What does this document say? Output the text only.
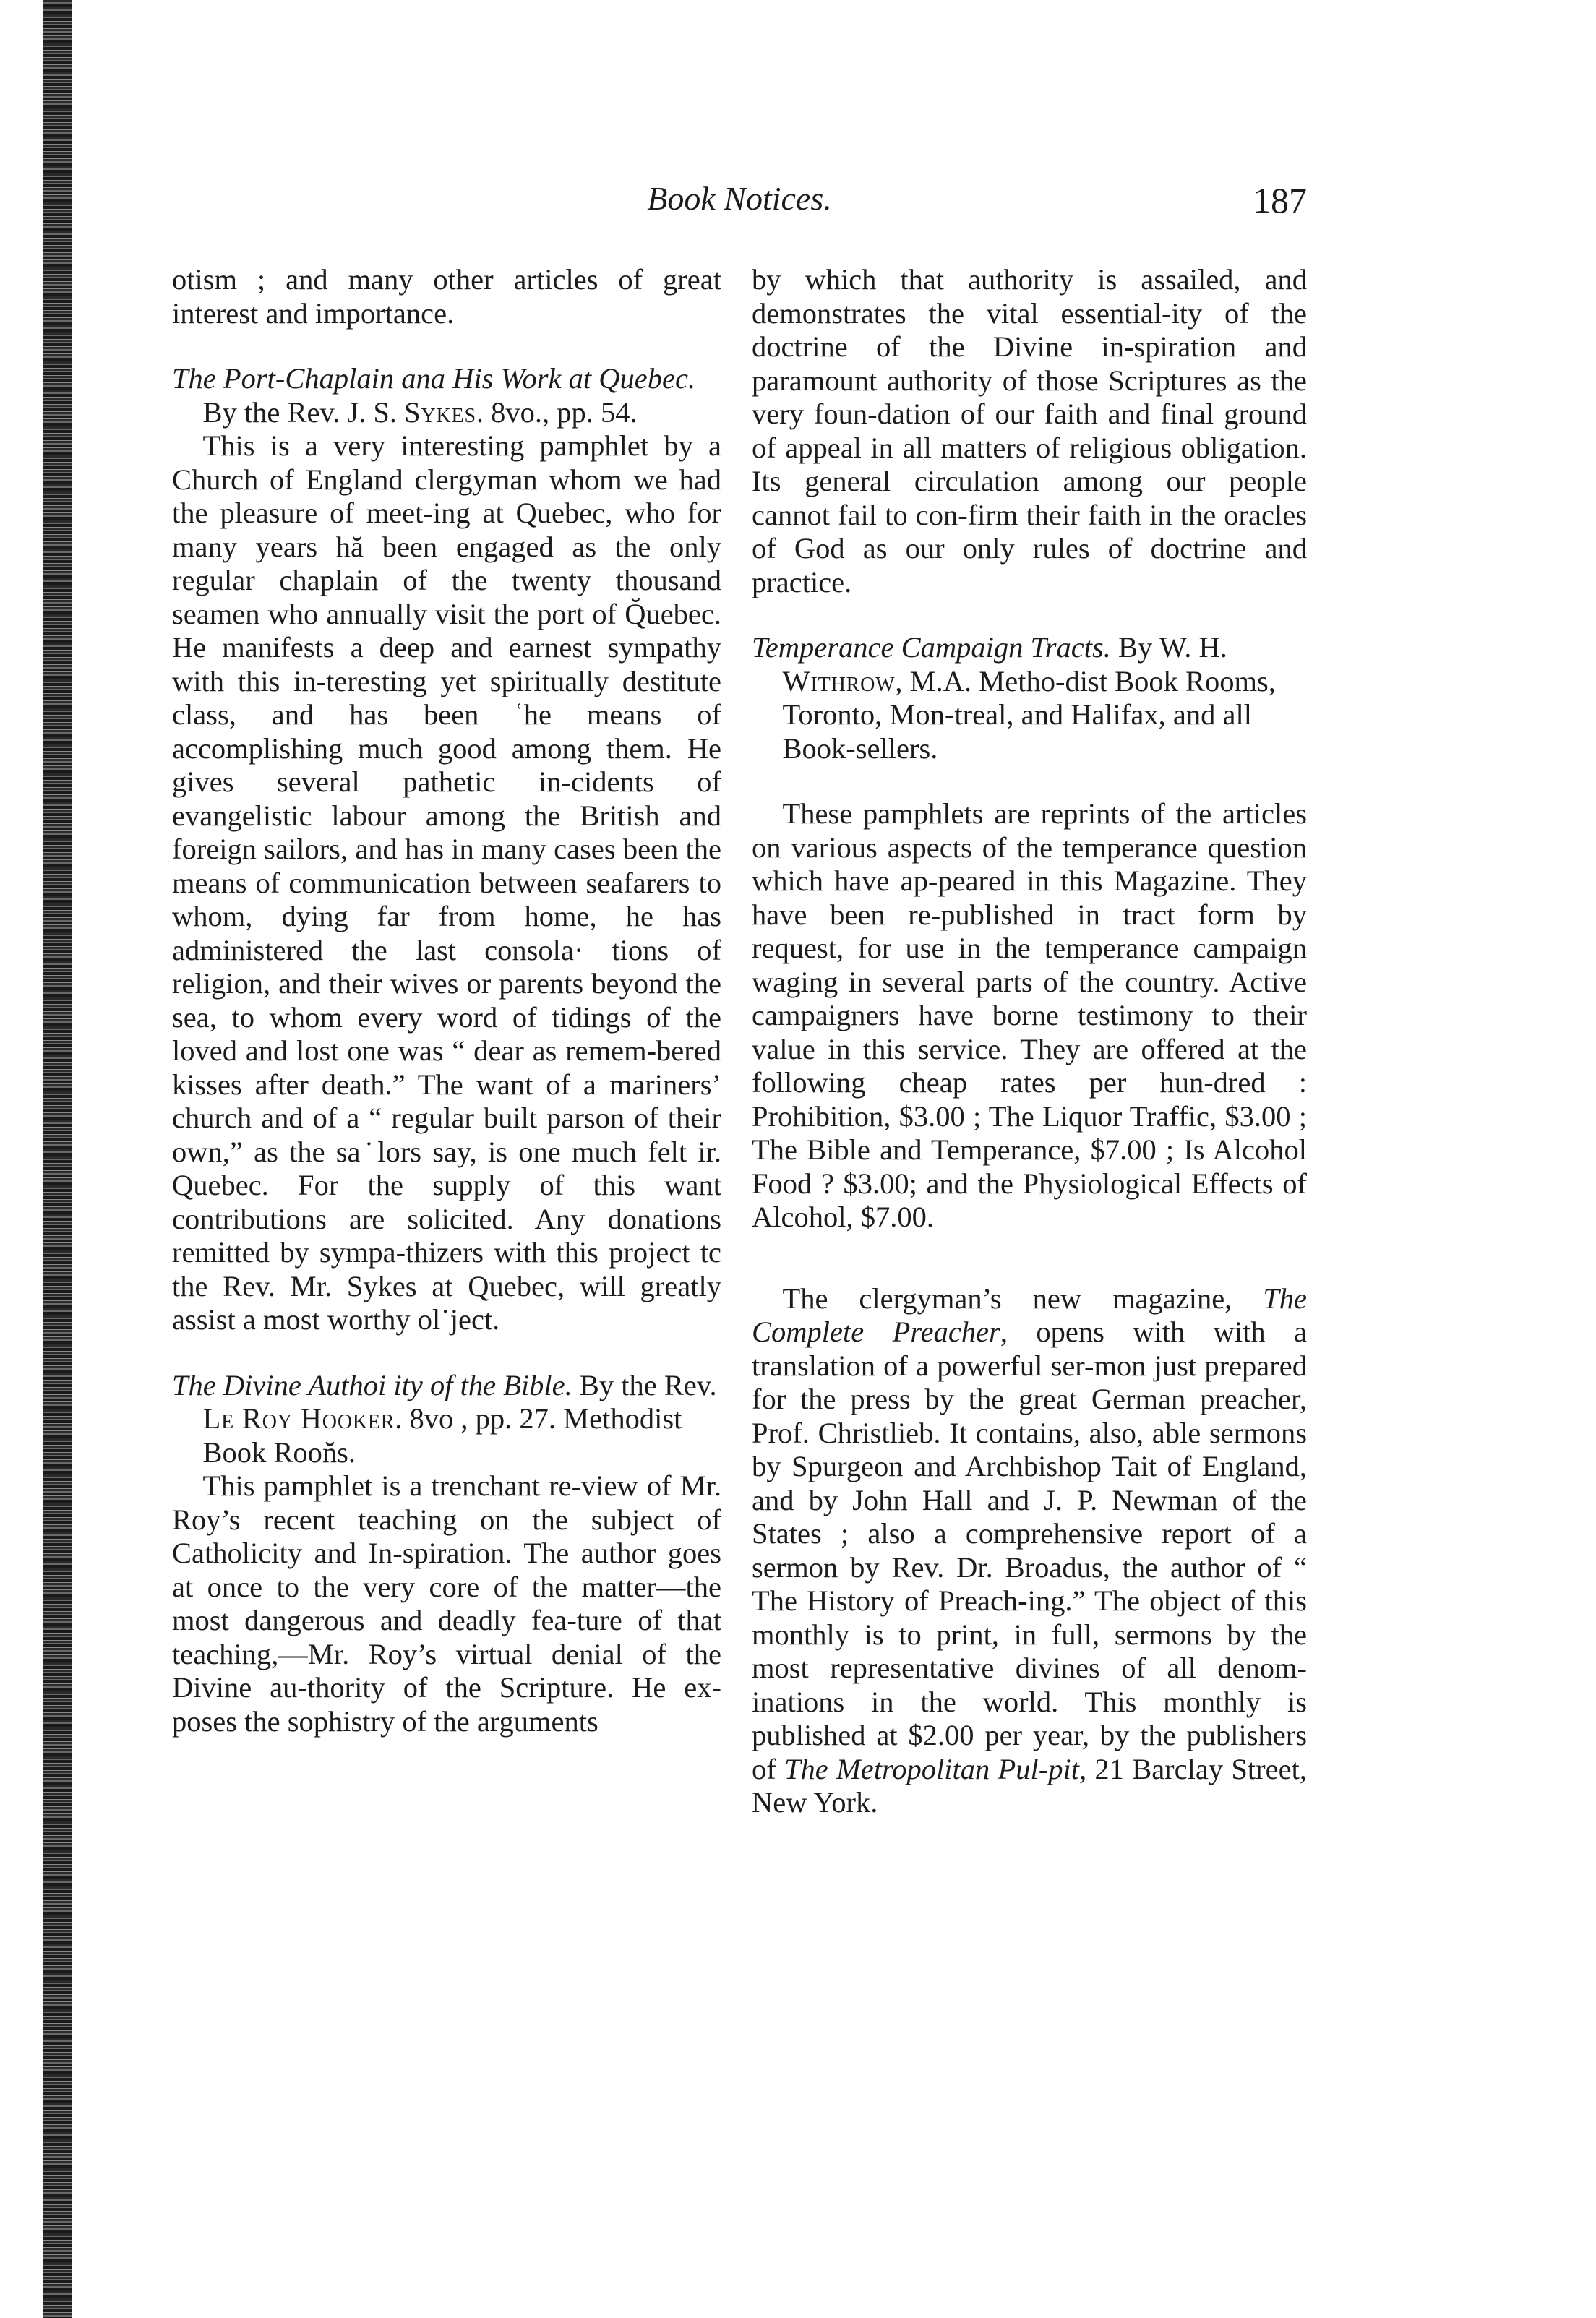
Book Notices.	187

otism ; and many other articles of great interest and importance.

The Port-Chaplain ana His Work at Quebec. By the Rev. J. S. Sykes. 8vo., pp. 54.

This is a very interesting pamphlet by a Church of England clergyman whom we had the pleasure of meet-ing at Quebec, who for many years hă been engaged as the only regular chaplain of the twenty thousand seamen who annually visit the port of Q̆uebec. He manifests a deep and earnest sympathy with this in-teresting yet spiritually destitute class, and has been ʿhe means of accomplishing much good among them. He gives several pathetic in-cidents of evangelistic labour among the British and foreign sailors, and has in many cases been the means of communication between seafarers to whom, dying far from home, he has administered the last consola· tions of religion, and their wives or parents beyond the sea, to whom every word of tidings of the loved and lost one was “ dear as remem-bered kisses after death.” The want of a mariners’ church and of a “ regular built parson of their own,” as the sa˙lors say, is one much felt ir. Quebec. For the supply of this want contributions are solicited. Any donations remitted by sympa-thizers with this project tc the Rev. Mr. Sykes at Quebec, will greatly assist a most worthy ol˙ject.

The Divine Authoi ity of the Bible. By the Rev. Le Roy Hooker. 8vo , pp. 27. Methodist Book Roon̆s.

This pamphlet is a trenchant re-view of Mr. Roy’s recent teaching on the subject of Catholicity and In-spiration. The author goes at once to the very core of the matter—the most dangerous and deadly fea-ture of that teaching,—Mr. Roy’s virtual denial of the Divine au-thority of the Scripture. He ex-poses the sophistry of the arguments

by which that authority is assailed, and demonstrates the vital essential-ity of the doctrine of the Divine in-spiration and paramount authority of those Scriptures as the very foun-dation of our faith and final ground of appeal in all matters of religious obligation. Its general circulation among our people cannot fail to con-firm their faith in the oracles of God as our only rules of doctrine and practice.

Temperance Campaign Tracts. By W. H. Withrow, M.A. Metho-dist Book Rooms, Toronto, Mon-treal, and Halifax, and all Book-sellers.

These pamphlets are reprints of the articles on various aspects of the temperance question which have ap-peared in this Magazine. They have been re-published in tract form by request, for use in the temperance campaign waging in several parts of the country. Active campaigners have borne testimony to their value in this service. They are offered at the following cheap rates per hun-dred : Prohibition, $3.00 ; The Liquor Traffic, $3.00 ; The Bible and Temperance, $7.00 ; Is Alcohol Food ? $3.00; and the Physiological Effects of Alcohol, $7.00.

The clergyman’s new magazine, The Complete Preacher, opens with with a translation of a powerful ser-mon just prepared for the press by the great German preacher, Prof. Christlieb. It contains, also, able sermons by Spurgeon and Archbishop Tait of England, and by John Hall and J. P. Newman of the States ; also a comprehensive report of a sermon by Rev. Dr. Broadus, the author of “ The History of Preach-ing.” The object of this monthly is to print, in full, sermons by the most representative divines of all denom-inations in the world. This monthly is published at $2.00 per year, by the publishers of The Metropolitan Pul-pit, 21 Barclay Street, New York.
